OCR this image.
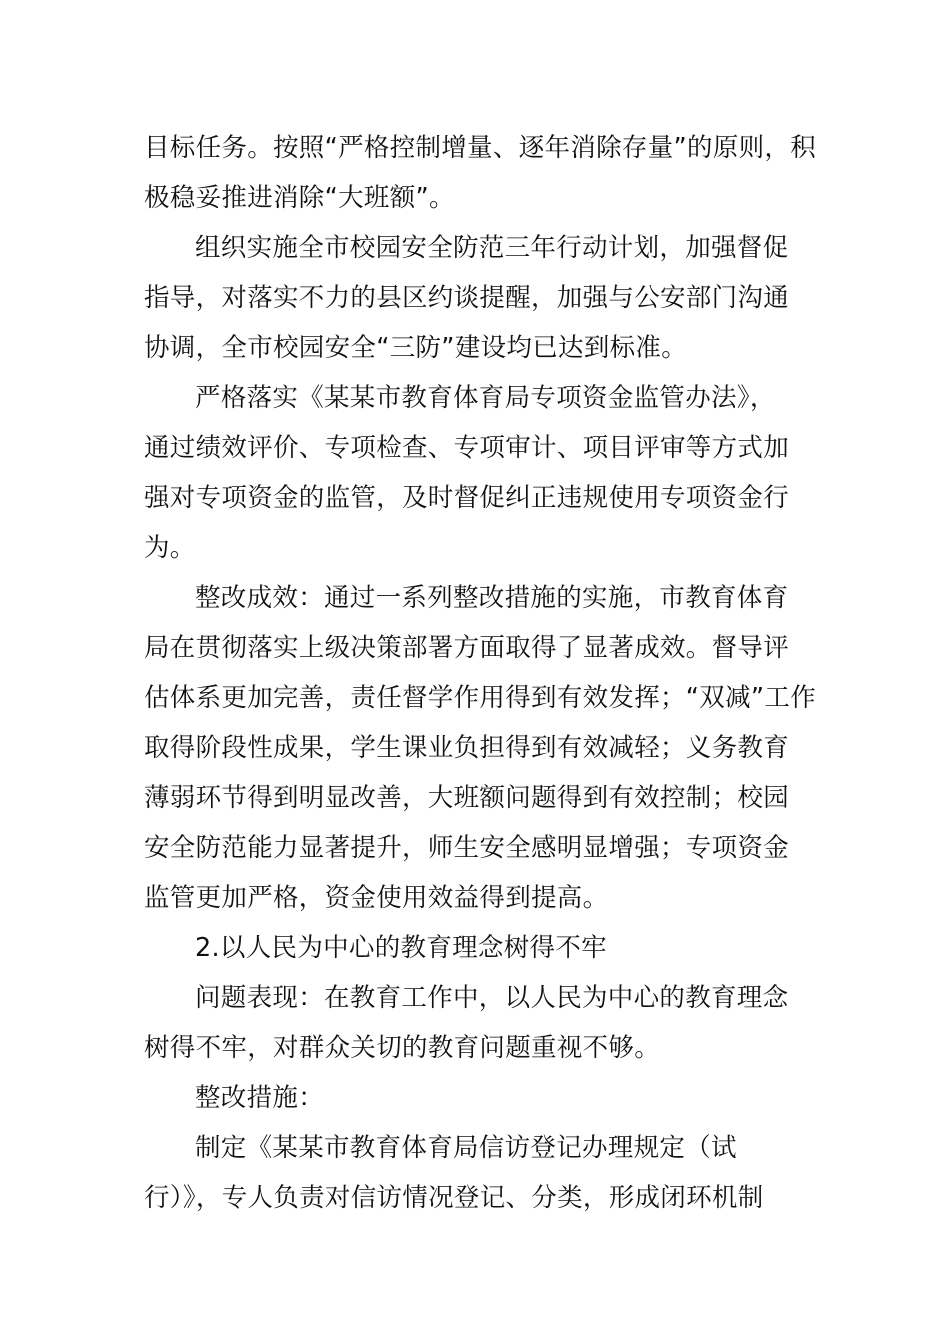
目标任务。按照“严格控制增量、逐年消除存量”的原则，积
极稳妥推进消除“大班额”。

组织实施全市校园安全防范三年行动计划，加强督促
指导，对落实不力的县区约谈提醒，加强与公安部门沟通
协调，全市校园安全“三防”建设均已达到标准。

严格落实《某某市教育体育局专项资金监管办法》，
通过绩效评价、专项检查、专项审计、项目评审等方式加
强对专项资金的监管，及时督促纠正违规使用专项资金行
为。

整改成效：通过一系列整改措施的实施，市教育体育
局在贯彻落实上级决策部署方面取得了显著成效。督导评
估体系更加完善，责任督学作用得到有效发挥；“双减”工作
取得阶段性成果，学生课业负担得到有效减轻；义务教育
薄弱环节得到明显改善，大班额问题得到有效控制；校园
安全防范能力显著提升，师生安全感明显增强；专项资金
监管更加严格，资金使用效益得到提高。

2.以人民为中心的教育理念树得不牢

问题表现：在教育工作中，以人民为中心的教育理念
树得不牢，对群众关切的教育问题重视不够。

整改措施：

制定《某某市教育体育局信访登记办理规定（试
行）》，专人负责对信访情况登记、分类，形成闭环机制
